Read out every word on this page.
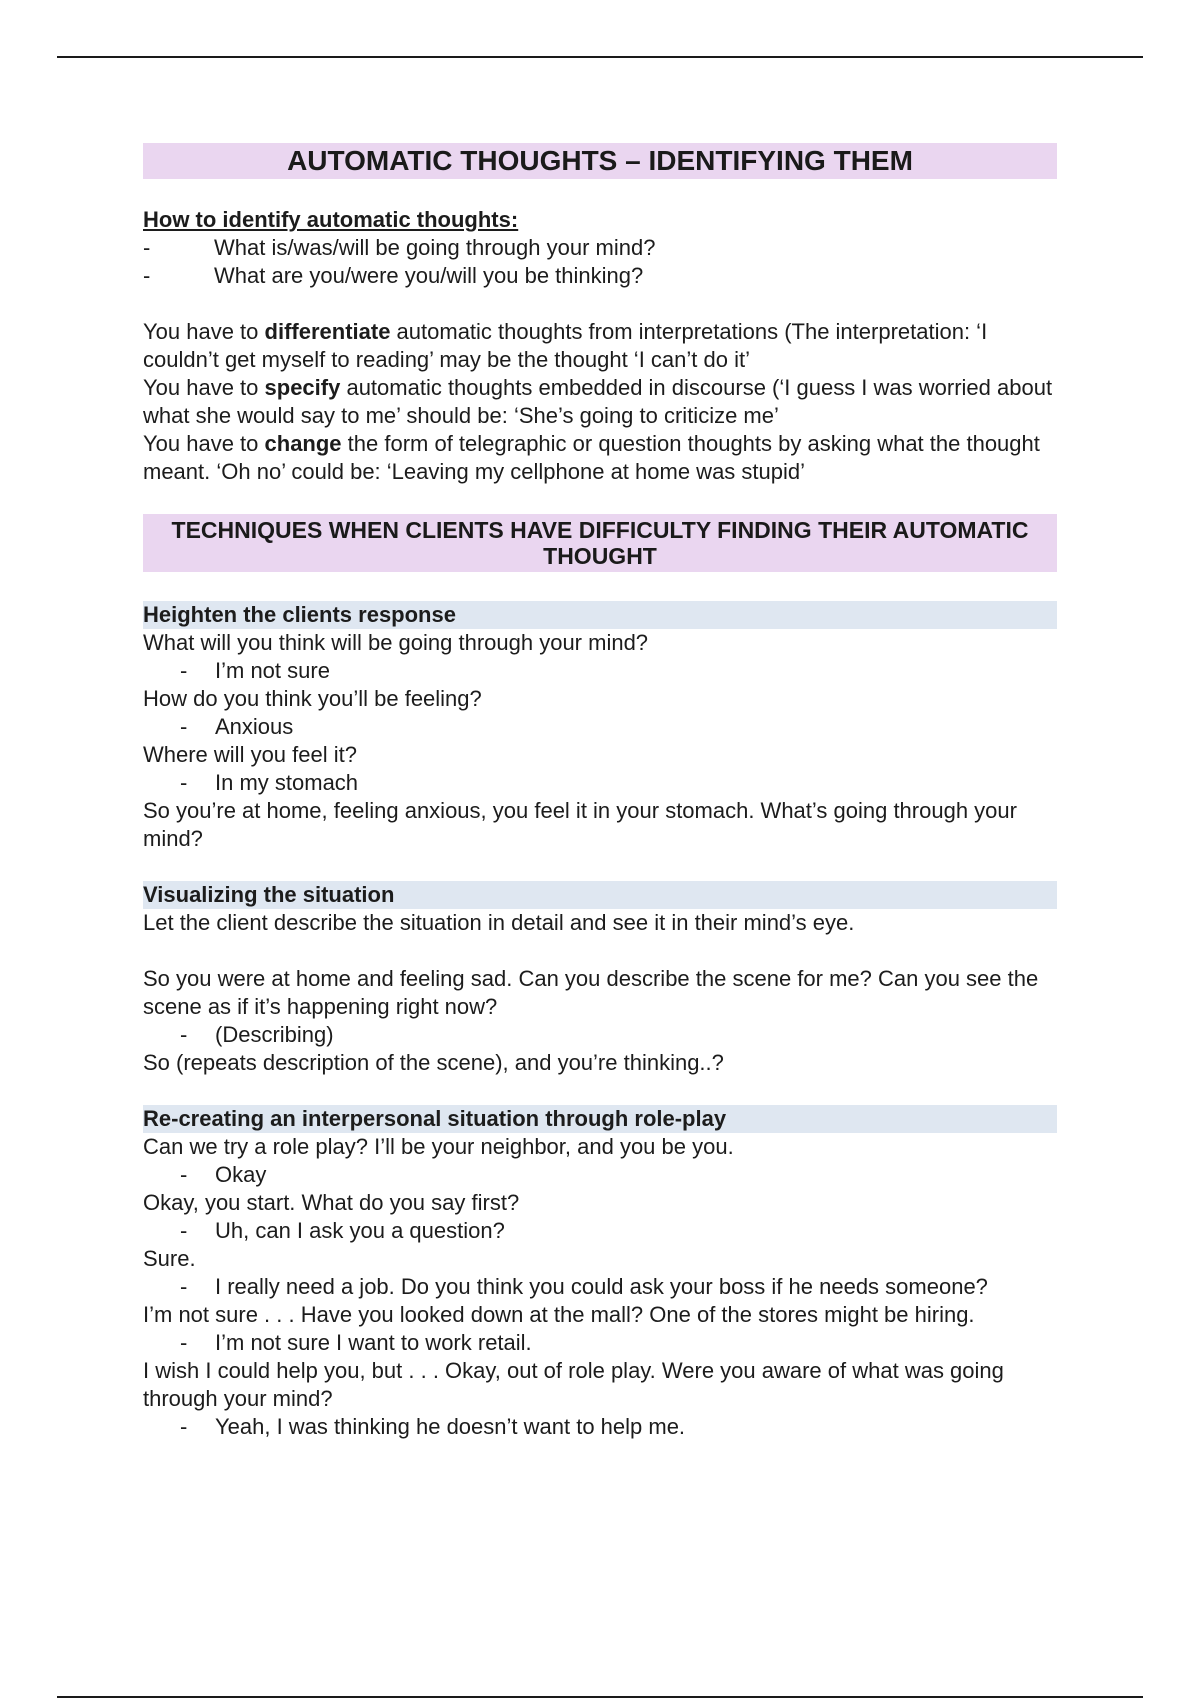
AUTOMATIC THOUGHTS – IDENTIFYING THEM
How to identify automatic thoughts:
-	What is/was/will be going through your mind?
-	What are you/were you/will you be thinking?

You have to differentiate automatic thoughts from interpretations (The interpretation: ‘I couldn’t get myself to reading’ may be the thought ‘I can’t do it’

You have to specify automatic thoughts embedded in discourse (‘I guess I was worried about what she would say to me’ should be: ‘She’s going to criticize me’

You have to change the form of telegraphic or question thoughts by asking what the thought meant. ‘Oh no’ could be: ‘Leaving my cellphone at home was stupid’

TECHNIQUES WHEN CLIENTS HAVE DIFFICULTY FINDING THEIR AUTOMATIC THOUGHT
Heighten the clients response

What will you think will be going through your mind?

- I’m not sure

How do you think you’ll be feeling?

- Anxious

Where will you feel it?

- In my stomach

So you’re at home, feeling anxious, you feel it in your stomach. What’s going through your mind?

Visualizing the situation

Let the client describe the situation in detail and see it in their mind’s eye.

So you were at home and feeling sad. Can you describe the scene for me? Can you see the scene as if it’s happening right now?

- (Describing)

So (repeats description of the scene), and you’re thinking..?

Re-creating an interpersonal situation through role-play

Can we try a role play? I’ll be your neighbor, and you be you.

- Okay

Okay, you start. What do you say first?

- Uh, can I ask you a question?

Sure.

- I really need a job. Do you think you could ask your boss if he needs someone?

I’m not sure . . . Have you looked down at the mall? One of the stores might be hiring.

- I’m not sure I want to work retail.

I wish I could help you, but . . . Okay, out of role play. Were you aware of what was going through your mind?

- Yeah, I was thinking he doesn’t want to help me.
